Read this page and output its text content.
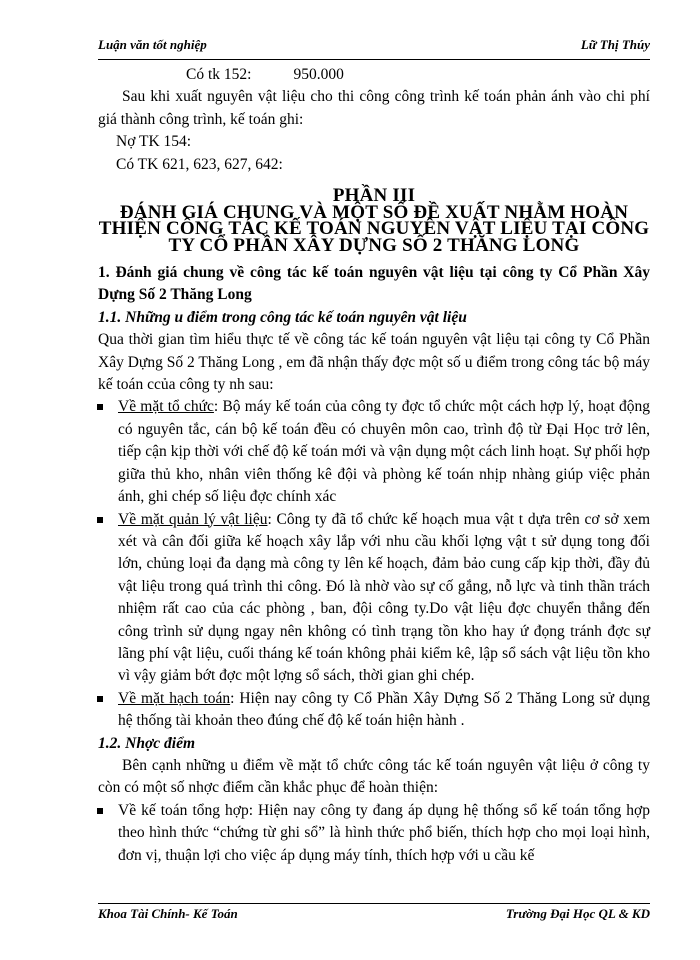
Luận văn tốt nghiệp	Lữ Thị Thúy

Có tk 152:	950.000

Sau khi xuất nguyên vật liệu cho thi công công trình kế toán phản ánh vào chi phí giá thành công trình, kế toán ghi:

Nợ TK 154:

Có TK 621, 623, 627, 642:

PHẦN III

ĐÁNH GIÁ CHUNG VÀ MỘT SỐ ĐỀ XUẤT NHẰM HOÀN THIỆN CÔNG TÁC KẾ TOÁN NGUYÊN VẬT LIỆU TẠI CÔNG TY CỔ PHẦN XÂY DỰNG SỐ 2 THĂNG LONG

1. Đánh giá chung về công tác kế toán nguyên vật liệu tại công ty Cổ Phần Xây Dựng Số 2 Thăng Long

1.1. Những u điểm trong công tác kế toán nguyên vật liệu

Qua thời gian tìm hiểu thực tế về công tác kế toán nguyên vật liệu tại công ty Cổ Phần Xây Dựng Số 2 Thăng Long , em đã nhận thấy đợc một số u điểm trong công tác bộ máy kế toán ccủa công ty nh sau:

Về mặt tổ chức: Bộ máy kế toán của công ty đợc tổ chức một cách hợp lý, hoạt động có nguyên tắc, cán bộ kế toán đều có chuyên môn cao, trình độ từ Đại Học trở lên, tiếp cận kịp thời với chế độ kế toán mới và vận dụng một cách linh hoạt. Sự phối hợp giữa thủ kho, nhân viên thống kê đội và phòng kế toán nhịp nhàng giúp việc phản ánh, ghi chép số liệu đợc chính xác

Về mặt quản lý vật liệu: Công ty đã tổ chức kế hoạch mua vật t dựa trên cơ sở xem xét và cân đối giữa kế hoạch xây lắp với nhu cầu khối lợng vật t sử dụng tong đối lớn, chủng loại đa dạng mà công ty lên kế hoạch, đảm bảo cung cấp kịp thời, đầy đủ vật liệu trong quá trình thi công. Đó là nhờ vào sự cố gắng, nỗ lực và tinh thần trách nhiệm rất cao của các phòng , ban, đội công ty.Do vật liệu đợc chuyển thẳng đến công trình sử dụng ngay nên không có tình trạng tồn kho hay ứ đọng tránh đợc sự lãng phí vật liệu, cuối tháng kế toán không phải kiểm kê, lập sổ sách vật liệu tồn kho vì vậy giảm bớt đợc một lợng sổ sách, thời gian ghi chép.

Về mặt hạch toán: Hiện nay công ty Cổ Phần Xây Dựng Số 2 Thăng Long sử dụng hệ thống tài khoản theo đúng chế độ kế toán hiện hành .

1.2. Nhợc điểm

Bên cạnh những u điểm về mặt tổ chức công tác kế toán nguyên vật liệu ở công ty còn có một số nhợc điểm cần khắc phục để hoàn thiện:

Về kế toán tổng hợp: Hiện nay công ty đang áp dụng hệ thống sổ kế toán tổng hợp theo hình thức “chứng từ ghi sổ” là hình thức phổ biến, thích hợp cho mọi loại hình, đơn vị, thuận lợi cho việc áp dụng máy tính, thích hợp với u cầu kế

Khoa Tài Chính- Kế Toán	Trường Đại Học QL & KD
